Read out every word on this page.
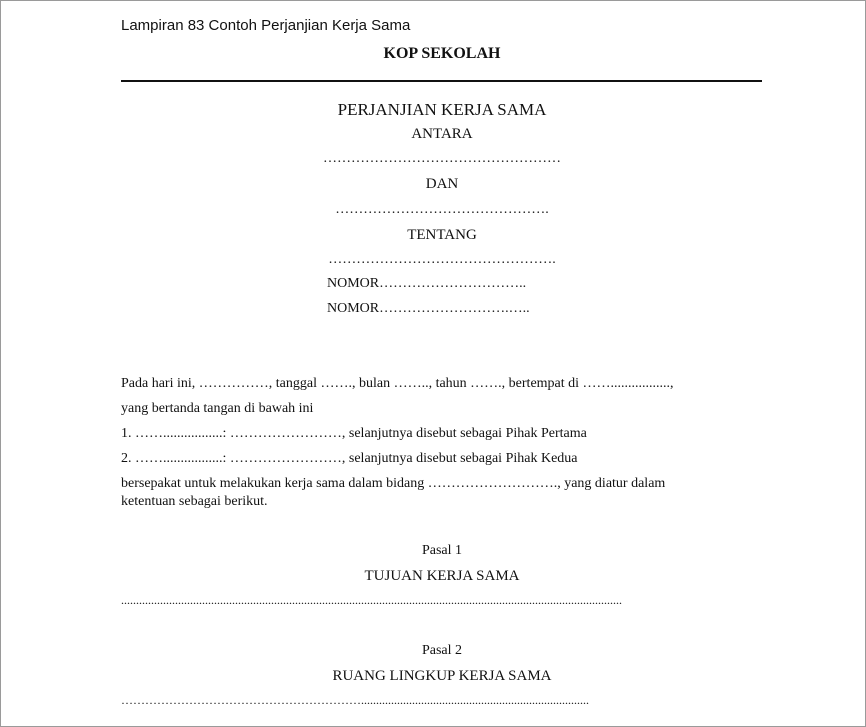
Lampiran 83 Contoh Perjanjian Kerja Sama
KOP SEKOLAH
PERJANJIAN KERJA SAMA
ANTARA
……………………………………………
DAN
……………………………………….
TENTANG
………………………………………….
NOMOR…………………………..
NOMOR……………………….…..
Pada hari ini, ……………, tanggal ……., bulan …….., tahun ……., bertempat di …….................,
yang bertanda tangan di bawah ini
1. …….................: ……………………, selanjutnya disebut sebagai Pihak Pertama
2. …….................: ……………………, selanjutnya disebut sebagai Pihak Kedua
bersepakat untuk melakukan kerja sama dalam bidang ………………………., yang diatur dalam
ketentuan sebagai berikut.
Pasal 1
TUJUAN KERJA SAMA
.......................................................................................................................................................................
Pasal 2
RUANG LINGKUP KERJA SAMA
……………………………………………………............................................................................
